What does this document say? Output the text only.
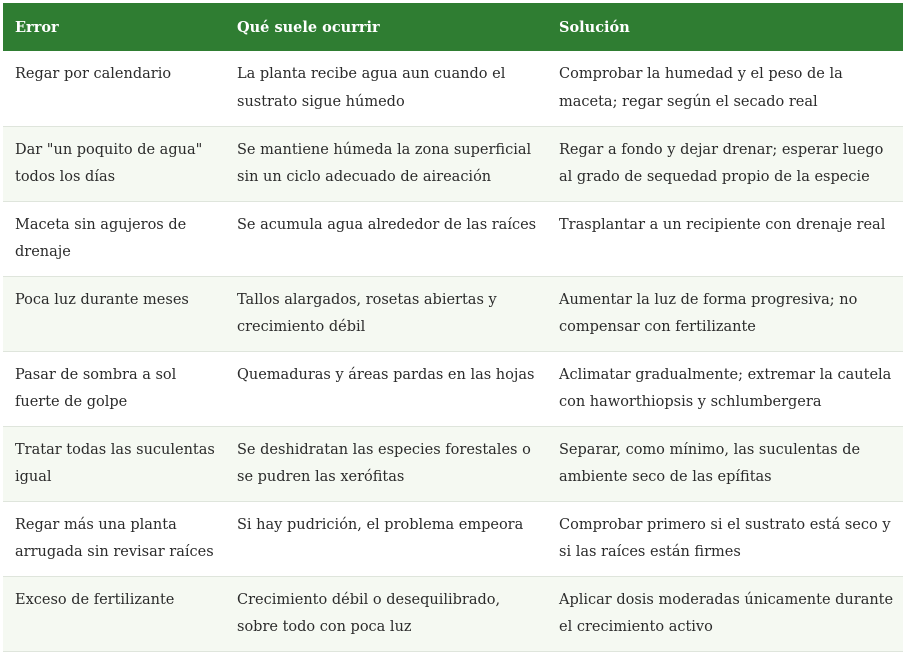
Error	Qué suele ocurrir	Solución
Regar por calendario	La planta recibe agua aun cuando el sustrato sigue húmedo	Comprobar la humedad y el peso de la maceta; regar según el secado real
Dar "un poquito de agua" todos los días	Se mantiene húmeda la zona superficial sin un ciclo adecuado de aireación	Regar a fondo y dejar drenar; esperar luego al grado de sequedad propio de la especie
Maceta sin agujeros de drenaje	Se acumula agua alrededor de las raíces	Trasplantar a un recipiente con drenaje real
Poca luz durante meses	Tallos alargados, rosetas abiertas y crecimiento débil	Aumentar la luz de forma progresiva; no compensar con fertilizante
Pasar de sombra a sol fuerte de golpe	Quemaduras y áreas pardas en las hojas	Aclimatar gradualmente; extremar la cautela con haworthiopsis y schlumbergera
Tratar todas las suculentas igual	Se deshidratan las especies forestales o se pudren las xerófitas	Separar, como mínimo, las suculentas de ambiente seco de las epífitas
Regar más una planta arrugada sin revisar raíces	Si hay pudrición, el problema empeora	Comprobar primero si el sustrato está seco y si las raíces están firmes
Exceso de fertilizante	Crecimiento débil o desequilibrado, sobre todo con poca luz	Aplicar dosis moderadas únicamente durante el crecimiento activo
